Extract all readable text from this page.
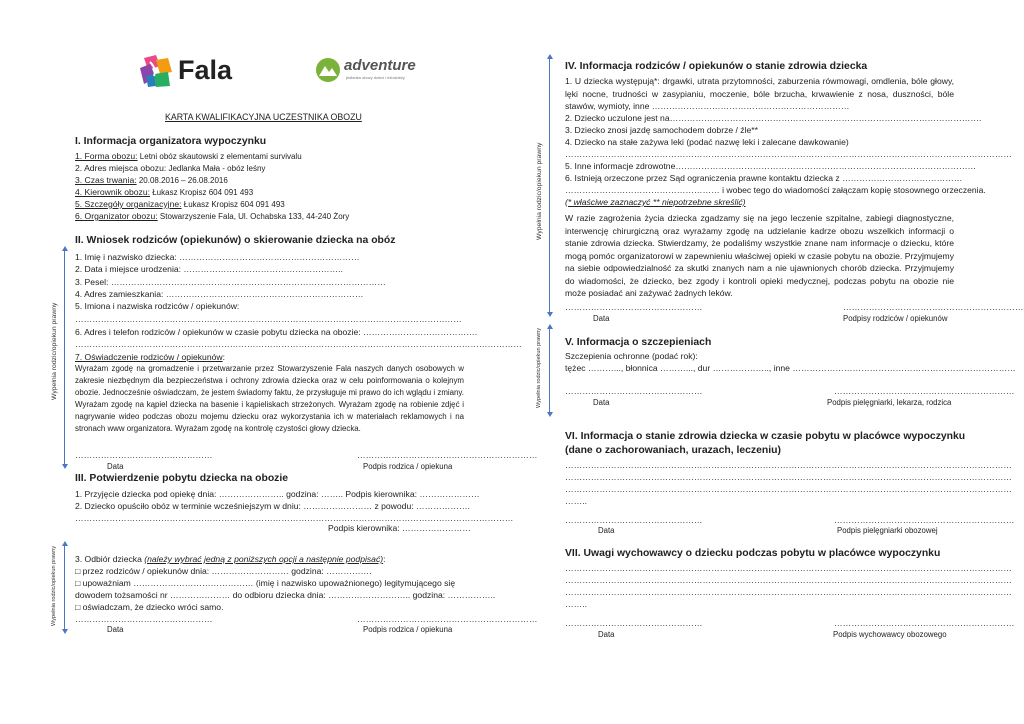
Fala	adventure
jedlanka obozy dzieci i młodzieży
KARTA KWALIFIKACYJNA UCZESTNIKA OBOZU
I. Informacja organizatora wypoczynku
1. Forma obozu: Letni obóz skautowski z elementami survivalu
2. Adres miejsca obozu: Jedlanka Mała - obóz leśny
3. Czas trwania: 20.08.2016 – 26.08.2016
4. Kierownik obozu: Łukasz Kropisz 604 091 493
5. Szczegóły organizacyjne: Łukasz Kropisz 604 091 493
6. Organizator obozu: Stowarzyszenie Fala, Ul. Ochabska 133, 44-240 Żory
II. Wniosek rodziców (opiekunów) o skierowanie dziecka na obóz
1. Imię i nazwisko dziecka: ………………………………………………………
2. Data i miejsce urodzenia: ………………………………………………..
3. Pesel: ……………………………………………………………………………………
4. Adres zamieszkania: ……………………………………………………………
5. Imiona i nazwiska rodziców / opiekunów:
………………………………………………………………………………………………………………………
6. Adres i telefon rodziców / opiekunów w czasie pobytu dziecka na obozie: ………………………………….
…………………………………………………………………………………………………………………………………………
7. Oświadczenie rodziców / opiekunów:
Wyrażam zgodę na gromadzenie i przetwarzanie przez Stowarzyszenie Fala naszych danych osobowych w zakresie niezbędnym dla bezpieczeństwa i ochrony zdrowia dziecka oraz w celu poinformowania o kolejnym obozie. Jednocześnie oświadczam, że jestem świadomy faktu, że przysługuje mi prawo do ich wglądu i zmiany. Wyrażam zgodę na kąpiel dziecka na basenie i kąpieliskach strzeżonych. Wyrażam zgodę na robienie zdjęć i nagrywanie wideo podczas obozu mojemu dziecku oraz wykorzystania ich w materiałach reklamowych i na stronach www organizatora. Wyrażam zgodę na kontrolę czystości głowy dziecka.
…………………………………………	………………………………………………………
Data	Podpis rodzica / opiekuna
III. Potwierdzenie pobytu dziecka na obozie
1. Przyjęcie dziecka pod opiekę dnia: ………………….. godzina: …….. Podpis kierownika: …………………
2. Dziecko opuściło obóz w terminie wcześniejszym w dniu: …………………… z powodu: ……………….
………………………………………………………………………………………………………………………………………
Podpis kierownika: ……………………
3. Odbiór dziecka (należy wybrać jedną z poniższych opcji a następnie podpisać):
□ przez rodziców / opiekunów dnia: ……………………… godzina: …………….
□ upoważniam …………………………………… (imię i nazwisko upoważnionego) legitymującego się
dowodem tożsamości nr ………………… do odbioru dziecka dnia: ……………………….. godzina: ……………..
□ oświadczam, że dziecko wróci samo.
…………………………………………	………………………………………………………
Data	Podpis rodzica / opiekuna
IV. Informacja rodziców / opiekunów o stanie zdrowia dziecka
1. U dziecka występują*: drgawki, utrata przytomności, zaburzenia rówmowagi, omdlenia, bóle głowy, lęki nocne, trudności w zasypianiu, moczenie, bóle brzucha, krwawienie z nosa, duszności, bóle stawów, wymioty, inne ……………………………………………………………
2. Dziecko uczulone jest na……………………………………………………………………………………………….
3. Dziecko znosi jazdę samochodem dobrze / źle**
4. Dziecko na stałe zażywa leki (podać nazwę leki i zalecane dawkowanie)
…………………………………………………………………………………………………………………………………………
5. Inne informacje zdrowotne……………………………………………………………………………………………
6. Istnieją orzeczone przez Sąd ograniczenia prawne kontaktu dziecka z ……………………………………
……………………………………………… i wobec tego do wiadomości załączam kopię stosownego orzeczenia.
(* właściwe zaznaczyć ** niepotrzebne skreślić)
W razie zagrożenia życia dziecka zgadzamy się na jego leczenie szpitalne, zabiegi diagnostyczne, interwencję chirurgiczną oraz wyrażamy zgodę na udzielanie kadrze obozu wszelkich informacji o stanie zdrowia dziecka. Stwierdzamy, że podaliśmy wszystkie znane nam informacje o dziecku, które mogą pomóc organizatorowi w zapewnieniu właściwej opieki w czasie pobytu na obozie. Przyjmujemy na siebie odpowiedzialność za skutki znanych nam a nie ujawnionych chorób dziecka. Przyjmujemy do wiadomości, że dziecko, bez zgody i kontroli opieki medycznej, podczas pobytu na obozie nie może posiadać ani zażywać żadnych leków.
…………………………………………	………………………………………………………
Data	Podpisy rodziców / opiekunów
V. Informacja o szczepieniach
Szczepienia ochronne (podać rok):
tężec ………..., błonnica ………..., dur ……………….., inne ……………………………………………………………………
…………………………………………	………………………………………………………
Data	Podpis pielęgniarki, lekarza, rodzica
VI. Informacja o stanie zdrowia dziecka w czasie pobytu w placówce wypoczynku
(dane o zachorowaniach, urazach, leczeniu)
…………………………………………………………………………………………………………………………………………
…………………………………………………………………………………………………………………………………………
…………………………………………………………………………………………………………………………………………
……..
…………………………………………	………………………………………………………
Data	Podpis pielęgniarki obozowej
VII. Uwagi wychowawcy o dziecku podczas pobytu w placówce wypoczynku
…………………………………………………………………………………………………………………………………………
…………………………………………………………………………………………………………………………………………
…………………………………………………………………………………………………………………………………………
……..
…………………………………………	………………………………………………………
Data	Podpis wychowawcy obozowego
Wypełnia rodzic/opiekun prawny
Wypełnia rodzic/opiekun prawny
Wypełnia rodzic/opiekun prawny
Wypełnia rodzic/opiekun prawny
